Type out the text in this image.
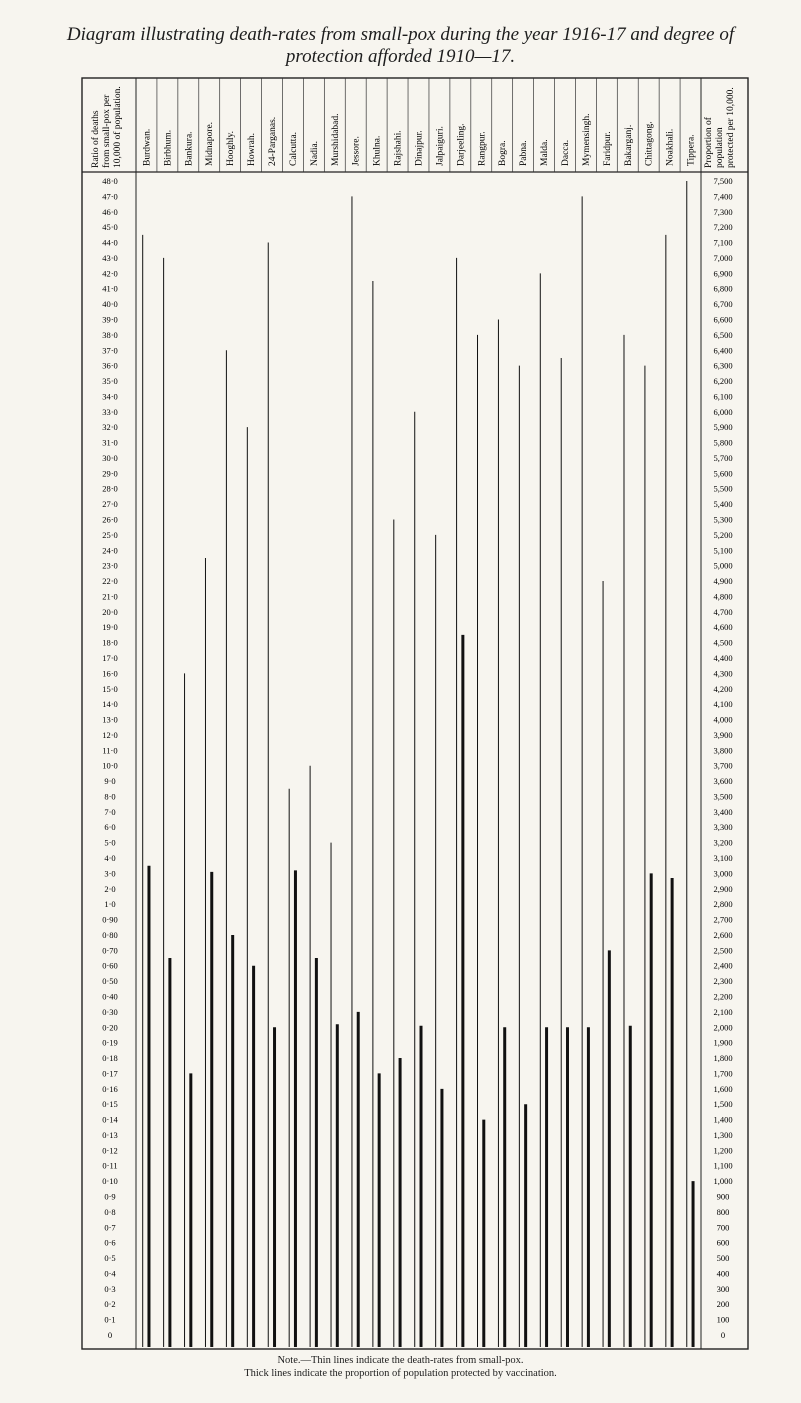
Diagram illustrating death-rates from small-pox during the year 1916-17 and degree of
protection afforded 1910—17.
Ratio of deathsfrom small-pox per10,000 of population.	Proportion ofpopulationprotected per 10,000.
48·0
47·0
46·0
45·0
44·0
43·0
42·0
41·0
40·0
39·0
38·0
37·0
36·0
35·0
34·0
33·0
32·0
31·0
30·0
29·0
28·0
27·0
26·0
25·0
24·0
23·0
22·0
21·0
20·0
19·0
18·0
17·0
16·0
15·0
14·0
13·0
12·0
11·0
10·0
9·0
8·0
7·0
6·0
5·0
4·0
3·0
2·0
1·0
0·90
0·80
0·70
0·60
0·50
0·40
0·30
0·20
0·19
0·18
0·17
0·16
0·15
0·14
0·13
0·12
0·11
0·10
0·9
0·8
0·7
0·6
0·5
0·4
0·3
0·2
0·1
0
7,500
7,400
7,300
7,200
7,100
7,000
6,900
6,800
6,700
6,600
6,500
6,400
6,300
6,200
6,100
6,000
5,900
5,800
5,700
5,600
5,500
5,400
5,300
5,200
5,100
5,000
4,900
4,800
4,700
4,600
4,500
4,400
4,300
4,200
4,100
4,000
3,900
3,800
3,700
3,600
3,500
3,400
3,300
3,200
3,100
3,000
2,900
2,800
2,700
2,600
2,500
2,400
2,300
2,200
2,100
2,000
1,900
1,800
1,700
1,600
1,500
1,400
1,300
1,200
1,100
1,000
900
800
700
600
500
400
300
200
100
0
Burdwan. Birbhum. Bankura. Midnapore. Hooghly. Howrah. 24-Parganas. Calcutta. Nadia. Murshidabad. Jessore. Khulna. Rajshahi. Dinajpur. Jalpaiguri. Darjeeling. Rangpur. Bogra. Pabna. Malda. Dacca. Mymensingh. Faridpur. Bakarganj. Chittagong. Noakhali. Tippera.
Note.—Thin lines indicate the death-rates from small-pox.
Thick lines indicate the proportion of population protected by vaccination.
